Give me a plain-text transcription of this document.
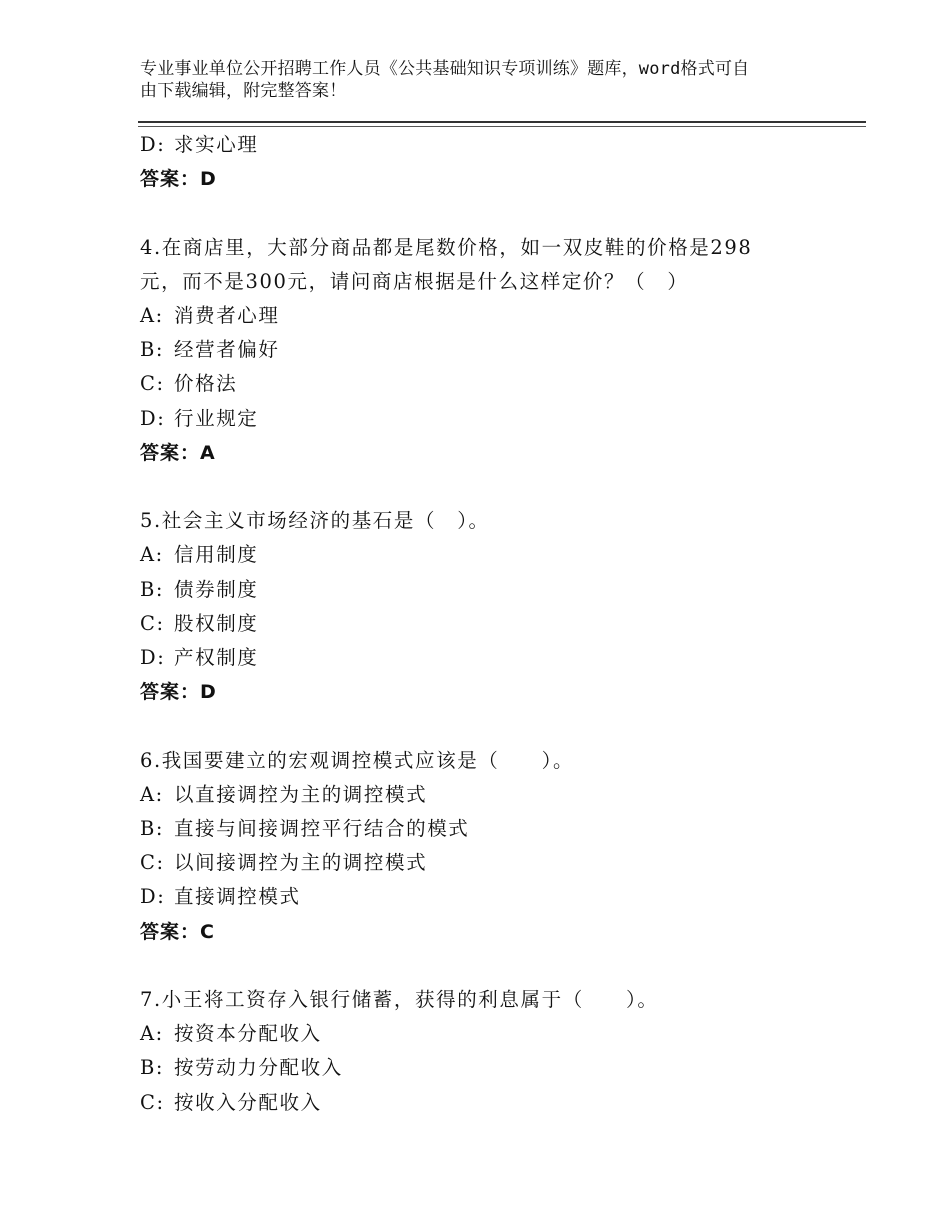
专业事业单位公开招聘工作人员《公共基础知识专项训练》题库，word格式可自
由下载编辑，附完整答案！
D: 求实心理
答案：D
4.在商店里，大部分商品都是尾数价格，如一双皮鞋的价格是298
元，而不是300元，请问商店根据是什么这样定价？（　）
A: 消费者心理
B: 经营者偏好
C: 价格法
D: 行业规定
答案：A
5.社会主义市场经济的基石是（　）。
A: 信用制度
B: 债券制度
C: 股权制度
D: 产权制度
答案：D
6.我国要建立的宏观调控模式应该是（　　）。
A: 以直接调控为主的调控模式
B: 直接与间接调控平行结合的模式
C: 以间接调控为主的调控模式
D: 直接调控模式
答案：C
7.小王将工资存入银行储蓄，获得的利息属于（　　）。
A: 按资本分配收入
B: 按劳动力分配收入
C: 按收入分配收入
